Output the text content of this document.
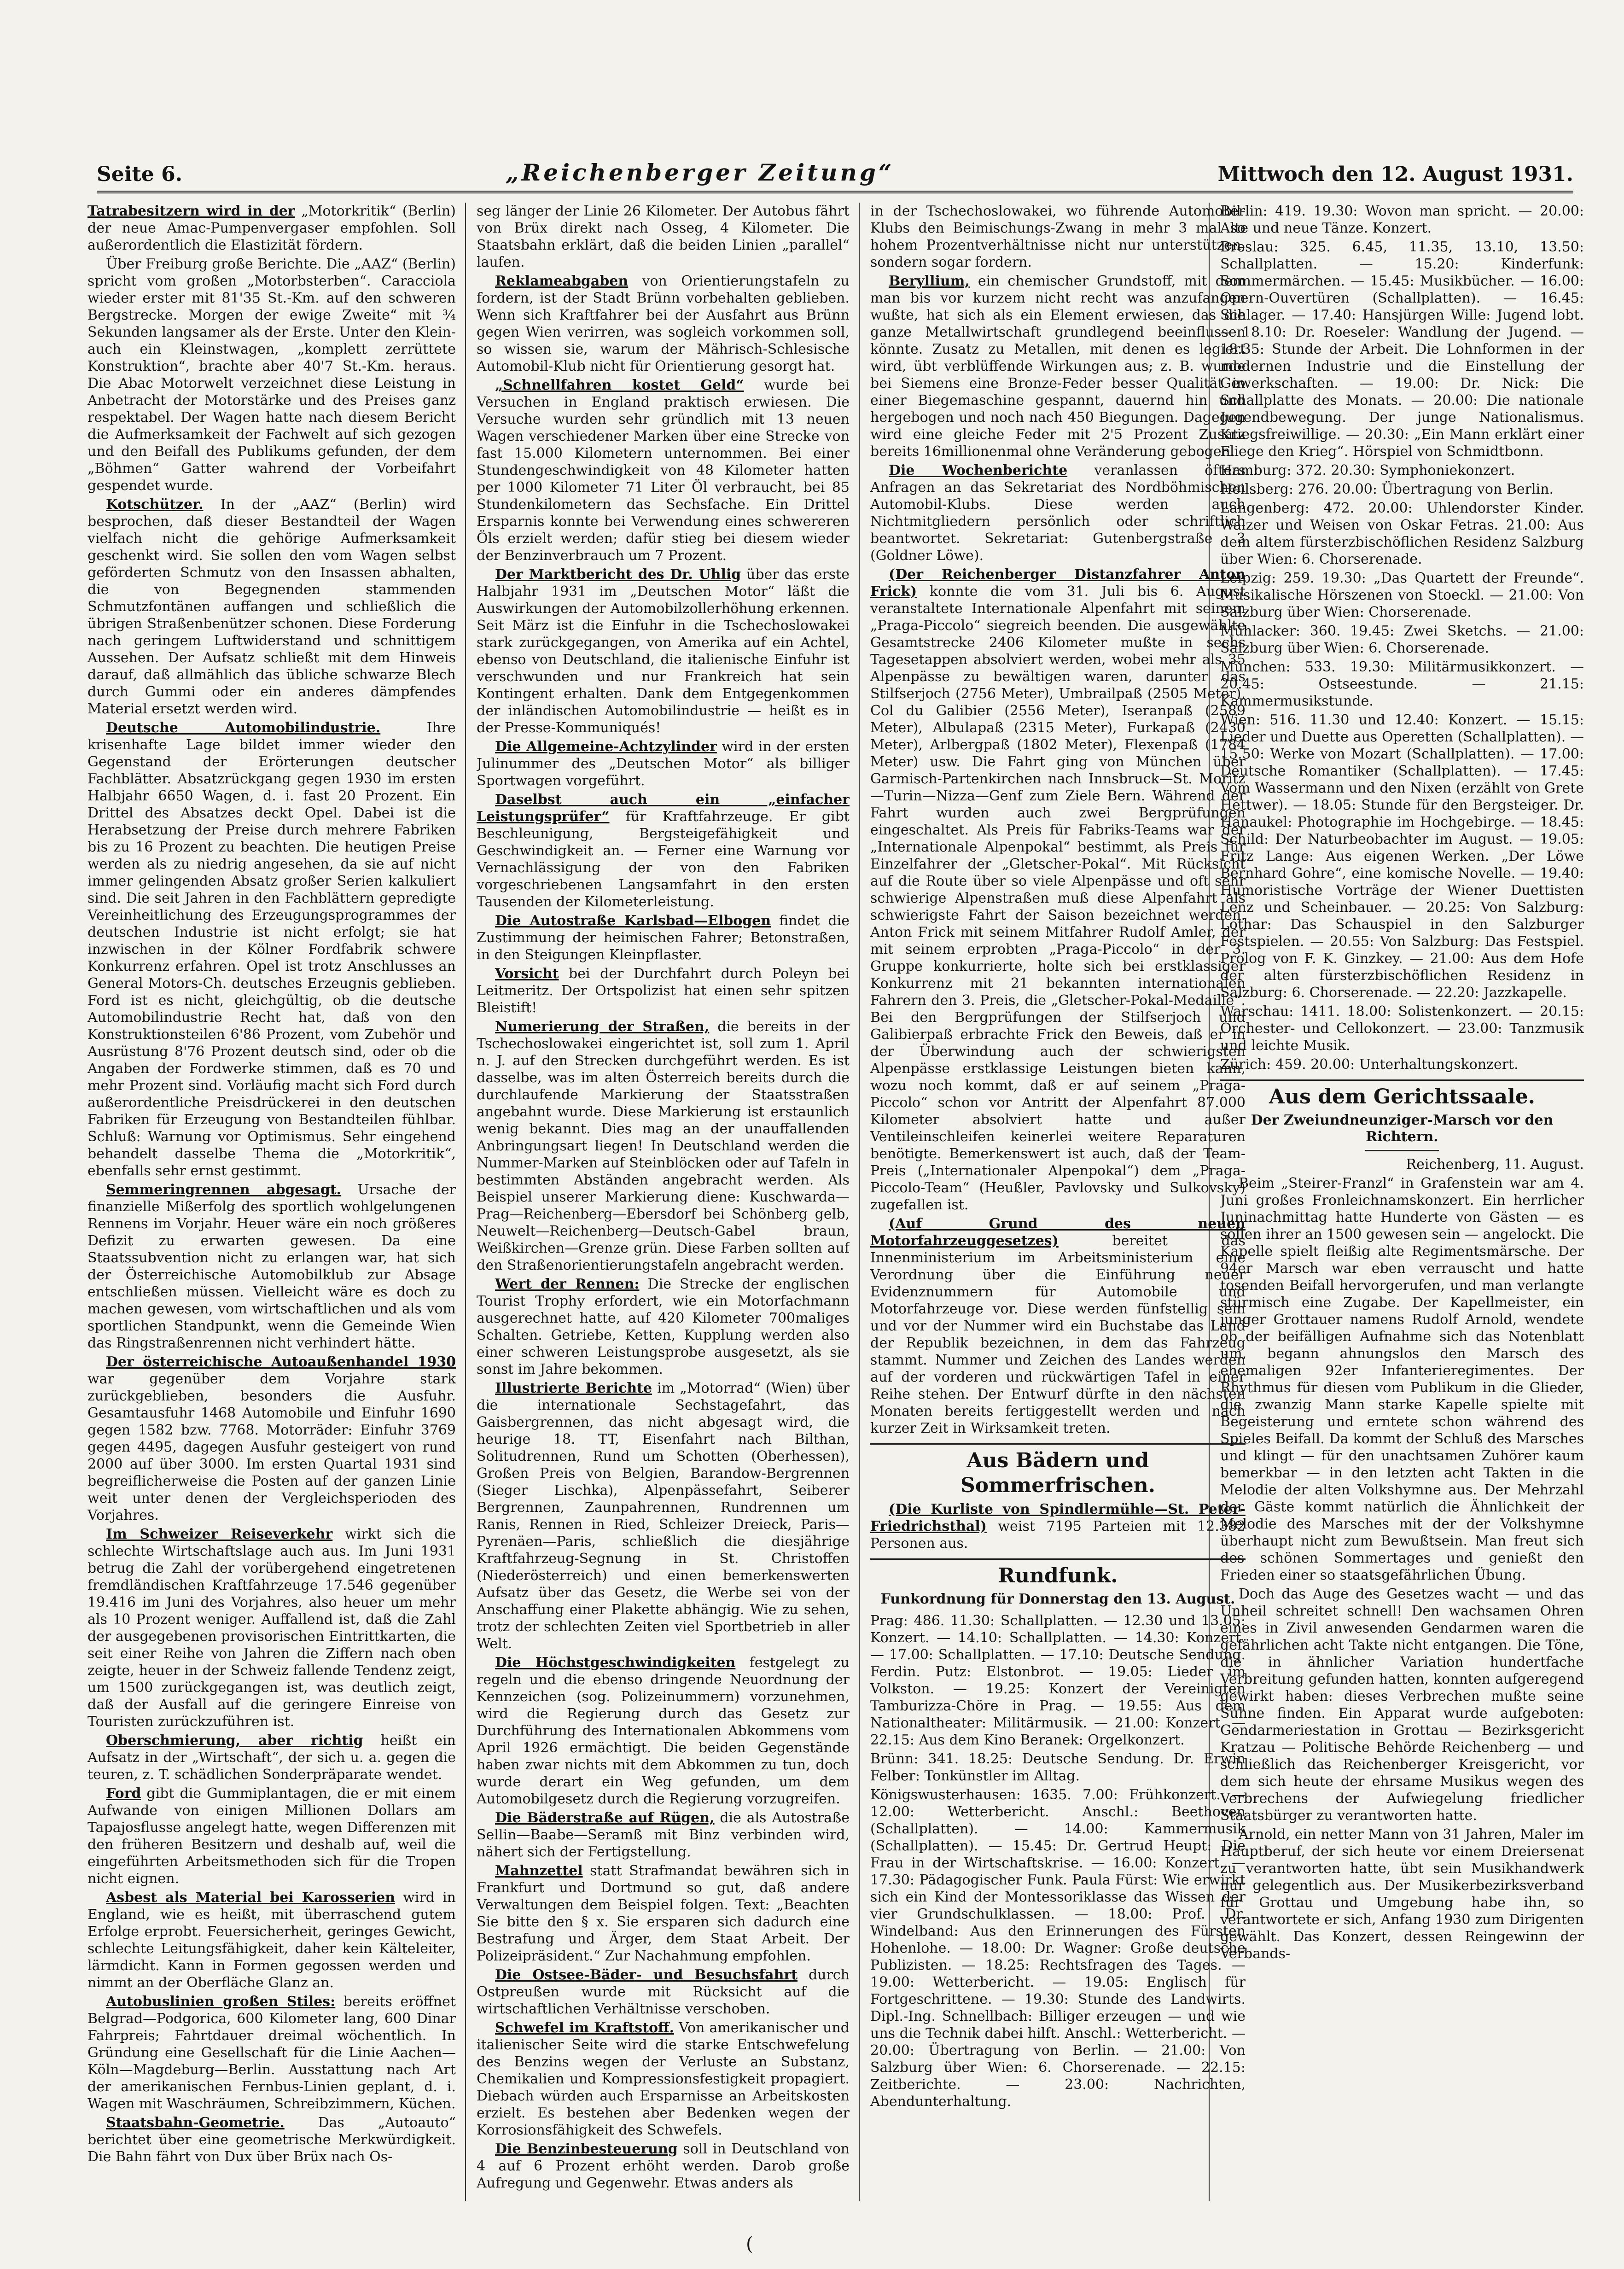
Seite 6.	„Reichenberger Zeitung“	Mittwoch den 12. August 1931.

Tatrabesitzern wird in der „Motorkritik“ (Berlin) der neue Amac-Pumpenvergaser empfohlen. Soll außerordentlich die Elastizität fördern.

Über Freiburg große Berichte. Die „AAZ“ (Berlin) spricht vom großen „Motorbsterben“. Caracciola wieder erster mit 81'35 St.-Km. auf den schweren Bergstrecke. Morgen der ewige Zweite“ mit ¾ Sekunden langsamer als der Erste. Unter den Klein- auch ein Kleinstwagen, „komplett zerrüttete Konstruktion“, brachte aber 40'7 St.-Km. heraus. Die Abac Motorwelt verzeichnet diese Leistung in Anbetracht der Motorstärke und des Preises ganz respektabel. Der Wagen hatte nach diesem Bericht die Aufmerksamkeit der Fachwelt auf sich gezogen und den Beifall des Publikums gefunden, der dem „Böhmen“ Gatter wahrend der Vorbeifahrt gespendet wurde.

Kotschützer. In der „AAZ“ (Berlin) wird besprochen, daß dieser Bestandteil der Wagen vielfach nicht die gehörige Aufmerksamkeit geschenkt wird. Sie sollen den vom Wagen selbst geförderten Schmutz von den Insassen abhalten, die von Begegnenden stammenden Schmutzfontänen auffangen und schließlich die übrigen Straßenbenützer schonen. Diese Forderung nach geringem Luftwiderstand und schnittigem Aussehen. Der Aufsatz schließt mit dem Hinweis darauf, daß allmählich das übliche schwarze Blech durch Gummi oder ein anderes dämpfendes Material ersetzt werden wird.

Deutsche Automobilindustrie. Ihre krisenhafte Lage bildet immer wieder den Gegenstand der Erörterungen deutscher Fachblätter. Absatzrückgang gegen 1930 im ersten Halbjahr 6650 Wagen, d. i. fast 20 Prozent. Ein Drittel des Absatzes deckt Opel. Dabei ist die Herabsetzung der Preise durch mehrere Fabriken bis zu 16 Prozent zu beachten. Die heutigen Preise werden als zu niedrig angesehen, da sie auf nicht immer gelingenden Absatz großer Serien kalkuliert sind. Die seit Jahren in den Fachblättern gepredigte Vereinheitlichung des Erzeugungsprogrammes der deutschen Industrie ist nicht erfolgt; sie hat inzwischen in der Kölner Fordfabrik schwere Konkurrenz erfahren. Opel ist trotz Anschlusses an General Motors-Ch. deutsches Erzeugnis geblieben. Ford ist es nicht, gleichgültig, ob die deutsche Automobilindustrie Recht hat, daß von den Konstruktionsteilen 6'86 Prozent, vom Zubehör und Ausrüstung 8'76 Prozent deutsch sind, oder ob die Angaben der Fordwerke stimmen, daß es 70 und mehr Prozent sind. Vorläufig macht sich Ford durch außerordentliche Preisdrückerei in den deutschen Fabriken für Erzeugung von Bestandteilen fühlbar. Schluß: Warnung vor Optimismus. Sehr eingehend behandelt dasselbe Thema die „Motorkritik“, ebenfalls sehr ernst gestimmt.

Semmeringrennen abgesagt. Ursache der finanzielle Mißerfolg des sportlich wohlgelungenen Rennens im Vorjahr. Heuer wäre ein noch größeres Defizit zu erwarten gewesen. Da eine Staatssubvention nicht zu erlangen war, hat sich der Österreichische Automobilklub zur Absage entschließen müssen. Vielleicht wäre es doch zu machen gewesen, vom wirtschaftlichen und als vom sportlichen Standpunkt, wenn die Gemeinde Wien das Ringstraßenrennen nicht verhindert hätte.

Der österreichische Autoaußenhandel 1930 war gegenüber dem Vorjahre stark zurückgeblieben, besonders die Ausfuhr. Gesamtausfuhr 1468 Automobile und Einfuhr 1690 gegen 1582 bzw. 7768. Motorräder: Einfuhr 3769 gegen 4495, dagegen Ausfuhr gesteigert von rund 2000 auf über 3000. Im ersten Quartal 1931 sind begreiflicherweise die Posten auf der ganzen Linie weit unter denen der Vergleichsperioden des Vorjahres.

Im Schweizer Reiseverkehr wirkt sich die schlechte Wirtschaftslage auch aus. Im Juni 1931 betrug die Zahl der vorübergehend eingetretenen fremdländischen Kraftfahrzeuge 17.546 gegenüber 19.416 im Juni des Vorjahres, also heuer um mehr als 10 Prozent weniger. Auffallend ist, daß die Zahl der ausgegebenen provisorischen Eintrittkarten, die seit einer Reihe von Jahren die Ziffern nach oben zeigte, heuer in der Schweiz fallende Tendenz zeigt, um 1500 zurückgegangen ist, was deutlich zeigt, daß der Ausfall auf die geringere Einreise von Touristen zurückzuführen ist.

Oberschmierung, aber richtig heißt ein Aufsatz in der „Wirtschaft“, der sich u. a. gegen die teuren, z. T. schädlichen Sonderpräparate wendet.

Ford gibt die Gummiplantagen, die er mit einem Aufwande von einigen Millionen Dollars am Tapajosflusse angelegt hatte, wegen Differenzen mit den früheren Besitzern und deshalb auf, weil die eingeführten Arbeitsmethoden sich für die Tropen nicht eignen.

Asbest als Material bei Karosserien wird in England, wie es heißt, mit überraschend gutem Erfolge erprobt. Feuersicherheit, geringes Gewicht, schlechte Leitungsfähigkeit, daher kein Kälteleiter, lärmdicht. Kann in Formen gegossen werden und nimmt an der Oberfläche Glanz an.

Autobuslinien großen Stiles: bereits eröffnet Belgrad—Podgorica, 600 Kilometer lang, 600 Dinar Fahrpreis; Fahrtdauer dreimal wöchentlich. In Gründung eine Gesellschaft für die Linie Aachen—Köln—Magdeburg—Berlin. Ausstattung nach Art der amerikanischen Fernbus-Linien geplant, d. i. Wagen mit Waschräumen, Schreibzimmern, Küchen.

Staatsbahn-Geometrie. Das „Autoauto“ berichtet über eine geometrische Merkwürdigkeit. Die Bahn fährt von Dux über Brüx nach Os-

seg länger der Linie 26 Kilometer. Der Autobus fährt von Brüx direkt nach Osseg, 4 Kilometer. Die Staatsbahn erklärt, daß die beiden Linien „parallel“ laufen.

Reklameabgaben von Orientierungstafeln zu fordern, ist der Stadt Brünn vorbehalten geblieben. Wenn sich Kraftfahrer bei der Ausfahrt aus Brünn gegen Wien verirren, was sogleich vorkommen soll, so wissen sie, warum der Mährisch-Schlesische Automobil-Klub nicht für Orientierung gesorgt hat.

„Schnellfahren kostet Geld“ wurde bei Versuchen in England praktisch erwiesen. Die Versuche wurden sehr gründlich mit 13 neuen Wagen verschiedener Marken über eine Strecke von fast 15.000 Kilometern unternommen. Bei einer Stundengeschwindigkeit von 48 Kilometer hatten per 1000 Kilometer 71 Liter Öl verbraucht, bei 85 Stundenkilometern das Sechsfache. Ein Drittel Ersparnis konnte bei Verwendung eines schwereren Öls erzielt werden; dafür stieg bei diesem wieder der Benzinverbrauch um 7 Prozent.

Der Marktbericht des Dr. Uhlig über das erste Halbjahr 1931 im „Deutschen Motor“ läßt die Auswirkungen der Automobilzollerhöhung erkennen. Seit März ist die Einfuhr in die Tschechoslowakei stark zurückgegangen, von Amerika auf ein Achtel, ebenso von Deutschland, die italienische Einfuhr ist verschwunden und nur Frankreich hat sein Kontingent erhalten. Dank dem Entgegenkommen der inländischen Automobilindustrie — heißt es in der Presse-Kommuniqués!

Die Allgemeine-Achtzylinder wird in der ersten Julinummer des „Deutschen Motor“ als billiger Sportwagen vorgeführt.

Daselbst auch ein „einfacher Leistungsprüfer“ für Kraftfahrzeuge. Er gibt Beschleunigung, Bergsteigefähigkeit und Geschwindigkeit an. — Ferner eine Warnung vor Vernachlässigung der von den Fabriken vorgeschriebenen Langsamfahrt in den ersten Tausenden der Kilometerleistung.

Die Autostraße Karlsbad—Elbogen findet die Zustimmung der heimischen Fahrer; Betonstraßen, in den Steigungen Kleinpflaster.

Vorsicht bei der Durchfahrt durch Poleyn bei Leitmeritz. Der Ortspolizist hat einen sehr spitzen Bleistift!

Numerierung der Straßen, die bereits in der Tschechoslowakei eingerichtet ist, soll zum 1. April n. J. auf den Strecken durchgeführt werden. Es ist dasselbe, was im alten Österreich bereits durch die durchlaufende Markierung der Staatsstraßen angebahnt wurde. Diese Markierung ist erstaunlich wenig bekannt. Dies mag an der unauffallenden Anbringungsart liegen! In Deutschland werden die Nummer-Marken auf Steinblöcken oder auf Tafeln in bestimmten Abständen angebracht werden. Als Beispiel unserer Markierung diene: Kuschwarda—Prag—Reichenberg—Ebersdorf bei Schönberg gelb, Neuwelt—Reichenberg—Deutsch-Gabel braun, Weißkirchen—Grenze grün. Diese Farben sollten auf den Straßenorientierungstafeln angebracht werden.

Wert der Rennen: Die Strecke der englischen Tourist Trophy erfordert, wie ein Motorfachmann ausgerechnet hatte, auf 420 Kilometer 700maliges Schalten. Getriebe, Ketten, Kupplung werden also einer schweren Leistungsprobe ausgesetzt, als sie sonst im Jahre bekommen.

Illustrierte Berichte im „Motorrad“ (Wien) über die internationale Sechstagefahrt, das Gaisbergrennen, das nicht abgesagt wird, die heurige 18. TT, Eisenfahrt nach Bilthan, Solitudrennen, Rund um Schotten (Oberhessen), Großen Preis von Belgien, Barandow-Bergrennen (Sieger Lischka), Alpenpässefahrt, Seiberer Bergrennen, Zaunpahrennen, Rundrennen um Ranis, Rennen in Ried, Schleizer Dreieck, Paris—Pyrenäen—Paris, schließlich die diesjährige Kraftfahrzeug-Segnung in St. Christoffen (Niederösterreich) und einen bemerkenswerten Aufsatz über das Gesetz, die Werbe sei von der Anschaffung einer Plakette abhängig. Wie zu sehen, trotz der schlechten Zeiten viel Sportbetrieb in aller Welt.

Die Höchstgeschwindigkeiten festgelegt zu regeln und die ebenso dringende Neuordnung der Kennzeichen (sog. Polizeinummern) vorzunehmen, wird die Regierung durch das Gesetz zur Durchführung des Internationalen Abkommens vom April 1926 ermächtigt. Die beiden Gegenstände haben zwar nichts mit dem Abkommen zu tun, doch wurde derart ein Weg gefunden, um dem Automobilgesetz durch die Regierung vorzugreifen.

Die Bäderstraße auf Rügen, die als Autostraße Sellin—Baabe—Seramß mit Binz verbinden wird, nähert sich der Fertigstellung.

Mahnzettel statt Strafmandat bewähren sich in Frankfurt und Dortmund so gut, daß andere Verwaltungen dem Beispiel folgen. Text: „Beachten Sie bitte den § x. Sie ersparen sich dadurch eine Bestrafung und Ärger, dem Staat Arbeit. Der Polizeipräsident.“ Zur Nachahmung empfohlen.

Die Ostsee-Bäder- und Besuchsfahrt durch Ostpreußen wurde mit Rücksicht auf die wirtschaftlichen Verhältnisse verschoben.

Schwefel im Kraftstoff. Von amerikanischer und italienischer Seite wird die starke Entschwefelung des Benzins wegen der Verluste an Substanz, Chemikalien und Kompressionsfestigkeit propagiert. Diebach würden auch Ersparnisse an Arbeitskosten erzielt. Es bestehen aber Bedenken wegen der Korrosionsfähigkeit des Schwefels.

Die Benzinbesteuerung soll in Deutschland von 4 auf 6 Prozent erhöht werden. Darob große Aufregung und Gegenwehr. Etwas anders als

in der Tschechoslowakei, wo führende Automobil-Klubs den Beimischungs-Zwang in mehr 3 mal so hohem Prozentverhältnisse nicht nur unterstützen, sondern sogar fordern.

Beryllium, ein chemischer Grundstoff, mit dem man bis vor kurzem nicht recht was anzufangen wußte, hat sich als ein Element erwiesen, das die ganze Metallwirtschaft grundlegend beeinflussen könnte. Zusatz zu Metallen, mit denen es legiert wird, übt verblüffende Wirkungen aus; z. B. wurde bei Siemens eine Bronze-Feder besser Qualität in einer Biegemaschine gespannt, dauernd hin und hergebogen und noch nach 450 Biegungen. Dagegen wird eine gleiche Feder mit 2'5 Prozent Zusatz bereits 16millionenmal ohne Veränderung gebogen.

Die Wochenberichte veranlassen öfters Anfragen an das Sekretariat des Nordböhmischen Automobil-Klubs. Diese werden auch Nichtmitgliedern persönlich oder schriftlich beantwortet. Sekretariat: Gutenbergstraße 3 (Goldner Löwe).

(Der Reichenberger Distanzfahrer Anton Frick) konnte die vom 31. Juli bis 6. August veranstaltete Internationale Alpenfahrt mit seinem „Praga-Piccolo“ siegreich beenden. Die ausgewählte Gesamtstrecke 2406 Kilometer mußte in sechs Tagesetappen absolviert werden, wobei mehr als 35 Alpenpässe zu bewältigen waren, darunter das Stilfserjoch (2756 Meter), Umbrailpaß (2505 Meter), Col du Galibier (2556 Meter), Iseranpaß (2589 Meter), Albulapaß (2315 Meter), Furkapaß (2430 Meter), Arlbergpaß (1802 Meter), Flexenpaß (1784 Meter) usw. Die Fahrt ging von München über Garmisch-Partenkirchen nach Innsbruck—St. Moritz—Turin—Nizza—Genf zum Ziele Bern. Während der Fahrt wurden auch zwei Bergprüfungen eingeschaltet. Als Preis für Fabriks-Teams war der „Internationale Alpenpokal“ bestimmt, als Preis für Einzelfahrer der „Gletscher-Pokal“. Mit Rücksicht auf die Route über so viele Alpenpässe und oft sehr schwierige Alpenstraßen muß diese Alpenfahrt als schwierigste Fahrt der Saison bezeichnet werden. Anton Frick mit seinem Mitfahrer Rudolf Amler, der mit seinem erprobten „Praga-Piccolo“ in der 3. Gruppe konkurrierte, holte sich bei erstklassiger Konkurrenz mit 21 bekannten internationalen Fahrern den 3. Preis, die „Gletscher-Pokal-Medaille“. Bei den Bergprüfungen der Stilfserjoch und Galibierpaß erbrachte Frick den Beweis, daß er in der Überwindung auch der schwierigsten Alpenpässe erstklassige Leistungen bieten kann, wozu noch kommt, daß er auf seinem „Praga-Piccolo“ schon vor Antritt der Alpenfahrt 87.000 Kilometer absolviert hatte und außer Ventileinschleifen keinerlei weitere Reparaturen benötigte. Bemerkenswert ist auch, daß der Team-Preis („Internationaler Alpenpokal“) dem „Praga-Piccolo-Team“ (Heußler, Pavlovsky und Sulkovsky) zugefallen ist.

(Auf Grund des neuen Motorfahrzeuggesetzes) bereitet das Innenministerium im Arbeitsministerium eine Verordnung über die Einführung neuer Evidenznummern für Automobile und Motorfahrzeuge vor. Diese werden fünfstellig sein und vor der Nummer wird ein Buchstabe das Land der Republik bezeichnen, in dem das Fahrzeug stammt. Nummer und Zeichen des Landes werden auf der vorderen und rückwärtigen Tafel in einer Reihe stehen. Der Entwurf dürfte in den nächsten Monaten bereits fertiggestellt werden und nach kurzer Zeit in Wirksamkeit treten.

Aus Bädern und Sommerfrischen.

(Die Kurliste von Spindlermühle—St. Peter-Friedrichsthal) weist 7195 Parteien mit 12.382 Personen aus.

Rundfunk.
Funkordnung für Donnerstag den 13. August.

Prag: 486. 11.30: Schallplatten. — 12.30 und 13.05: Konzert. — 14.10: Schallplatten. — 14.30: Konzert. — 17.00: Schallplatten. — 17.10: Deutsche Sendung. Ferdin. Putz: Elstonbrot. — 19.05: Lieder im Volkston. — 19.25: Konzert der Vereinigten Tamburizza-Chöre in Prag. — 19.55: Aus dem Nationaltheater: Militärmusik. — 21.00: Konzert. — 22.15: Aus dem Kino Beranek: Orgelkonzert.

Brünn: 341. 18.25: Deutsche Sendung. Dr. Erwin Felber: Tonkünstler im Alltag.

Königswusterhausen: 1635. 7.00: Frühkonzert. — 12.00: Wetterbericht. Anschl.: Beethoven (Schallplatten). — 14.00: Kammermusik (Schallplatten). — 15.45: Dr. Gertrud Heupt: Die Frau in der Wirtschaftskrise. — 16.00: Konzert. — 17.30: Pädagogischer Funk. Paula Fürst: Wie erwirkt sich ein Kind der Montessoriklasse das Wissen der vier Grundschulklassen. — 18.00: Prof. Dr. Windelband: Aus den Erinnerungen des Fürsten Hohenlohe. — 18.00: Dr. Wagner: Große deutsche Publizisten. — 18.25: Rechtsfragen des Tages. — 19.00: Wetterbericht. — 19.05: Englisch für Fortgeschrittene. — 19.30: Stunde des Landwirts. Dipl.-Ing. Schnellbach: Billiger erzeugen — und wie uns die Technik dabei hilft. Anschl.: Wetterbericht. — 20.00: Übertragung von Berlin. — 21.00: Von Salzburg über Wien: 6. Chorserenade. — 22.15: Zeitberichte. — 23.00: Nachrichten, Abendunterhaltung.

Berlin: 419. 19.30: Wovon man spricht. — 20.00: Alte und neue Tänze. Konzert.

Breslau: 325. 6.45, 11.35, 13.10, 13.50: Schallplatten. — 15.20: Kinderfunk: Sommermärchen. — 15.45: Musikbücher. — 16.00: Opern-Ouvertüren (Schallplatten). — 16.45: Schlager. — 17.40: Hansjürgen Wille: Jugend lobt. — 18.10: Dr. Roeseler: Wandlung der Jugend. — 18.35: Stunde der Arbeit. Die Lohnformen in der modernen Industrie und die Einstellung der Gewerkschaften. — 19.00: Dr. Nick: Die Schallplatte des Monats. — 20.00: Die nationale Jugendbewegung. Der junge Nationalismus. Kriegsfreiwillige. — 20.30: „Ein Mann erklärt einer Fliege den Krieg“. Hörspiel von Schmidtbonn.

Hamburg: 372. 20.30: Symphoniekonzert.

Heilsberg: 276. 20.00: Übertragung von Berlin.

Langenberg: 472. 20.00: Uhlendorster Kinder. Walzer und Weisen von Oskar Fetras. 21.00: Aus dem altem fürsterzbischöflichen Residenz Salzburg über Wien: 6. Chorserenade.

Leipzig: 259. 19.30: „Das Quartett der Freunde“. Musikalische Hörszenen von Stoeckl. — 21.00: Von Salzburg über Wien: Chorserenade.

Mühlacker: 360. 19.45: Zwei Sketchs. — 21.00: Salzburg über Wien: 6. Chorserenade.

München: 533. 19.30: Militärmusikkonzert. — 20.45: Ostseestunde. — 21.15: Kammermusikstunde.

Wien: 516. 11.30 und 12.40: Konzert. — 15.15: Lieder und Duette aus Operetten (Schallplatten). — 15.50: Werke von Mozart (Schallplatten). — 17.00: Deutsche Romantiker (Schallplatten). — 17.45: Vom Wassermann und den Nixen (erzählt von Grete Hettwer). — 18.05: Stunde für den Bergsteiger. Dr. Hanaukel: Photographie im Hochgebirge. — 18.45: Schild: Der Naturbeobachter im August. — 19.05: Fritz Lange: Aus eigenen Werken. „Der Löwe Bernhard Gohre“, eine komische Novelle. — 19.40: Humoristische Vorträge der Wiener Duettisten Lenz und Scheinbauer. — 20.25: Von Salzburg: Lothar: Das Schauspiel in den Salzburger Festspielen. — 20.55: Von Salzburg: Das Festspiel. Prolog von F. K. Ginzkey. — 21.00: Aus dem Hofe der alten fürsterzbischöflichen Residenz in Salzburg: 6. Chorserenade. — 22.20: Jazzkapelle.

Warschau: 1411. 18.00: Solistenkonzert. — 20.15: Orchester- und Cellokonzert. — 23.00: Tanzmusik und leichte Musik.

Zürich: 459. 20.00: Unterhaltungskonzert.

Aus dem Gerichtssaale.
Der Zweiundneunziger-Marsch vor den Richtern.

Reichenberg, 11. August.

Beim „Steirer-Franzl“ in Grafenstein war am 4. Juni großes Fronleichnamskonzert. Ein herrlicher Juninachmittag hatte Hunderte von Gästen — es sollen ihrer an 1500 gewesen sein — angelockt. Die Kapelle spielt fleißig alte Regimentsmärsche. Der 94er Marsch war eben verrauscht und hatte tosenden Beifall hervorgerufen, und man verlangte stürmisch eine Zugabe. Der Kapellmeister, ein junger Grottauer namens Rudolf Arnold, wendete ob der beifälligen Aufnahme sich das Notenblatt um, begann ahnungslos den Marsch des ehemaligen 92er Infanterieregimentes. Der Rhythmus für diesen vom Publikum in die Glieder, die zwanzig Mann starke Kapelle spielte mit Begeisterung und erntete schon während des Spieles Beifall. Da kommt der Schluß des Marsches und klingt — für den unachtsamen Zuhörer kaum bemerkbar — in den letzten acht Takten in die Melodie der alten Volkshymne aus. Der Mehrzahl der Gäste kommt natürlich die Ähnlichkeit der Melodie des Marsches mit der der Volkshymne überhaupt nicht zum Bewußtsein. Man freut sich des schönen Sommertages und genießt den Frieden einer so staatsgefährlichen Übung.

Doch das Auge des Gesetzes wacht — und das Unheil schreitet schnell! Den wachsamen Ohren eines in Zivil anwesenden Gendarmen waren die gefährlichen acht Takte nicht entgangen. Die Töne, die in ähnlicher Variation hundertfache Verbreitung gefunden hatten, konnten aufgeregend gewirkt haben: dieses Verbrechen mußte seine Sühne finden. Ein Apparat wurde aufgeboten: Gendarmeriestation in Grottau — Bezirksgericht Kratzau — Politische Behörde Reichenberg — und schließlich das Reichenberger Kreisgericht, vor dem sich heute der ehrsame Musikus wegen des Verbrechens der Aufwiegelung friedlicher Staatsbürger zu verantworten hatte.

Arnold, ein netter Mann von 31 Jahren, Maler im Hauptberuf, der sich heute vor einem Dreiersenat zu verantworten hatte, übt sein Musikhandwerk nur gelegentlich aus. Der Musikerbezirksverband für Grottau und Umgebung habe ihn, so verantwortete er sich, Anfang 1930 zum Dirigenten gewählt. Das Konzert, dessen Reingewinn der Verbands-

(
